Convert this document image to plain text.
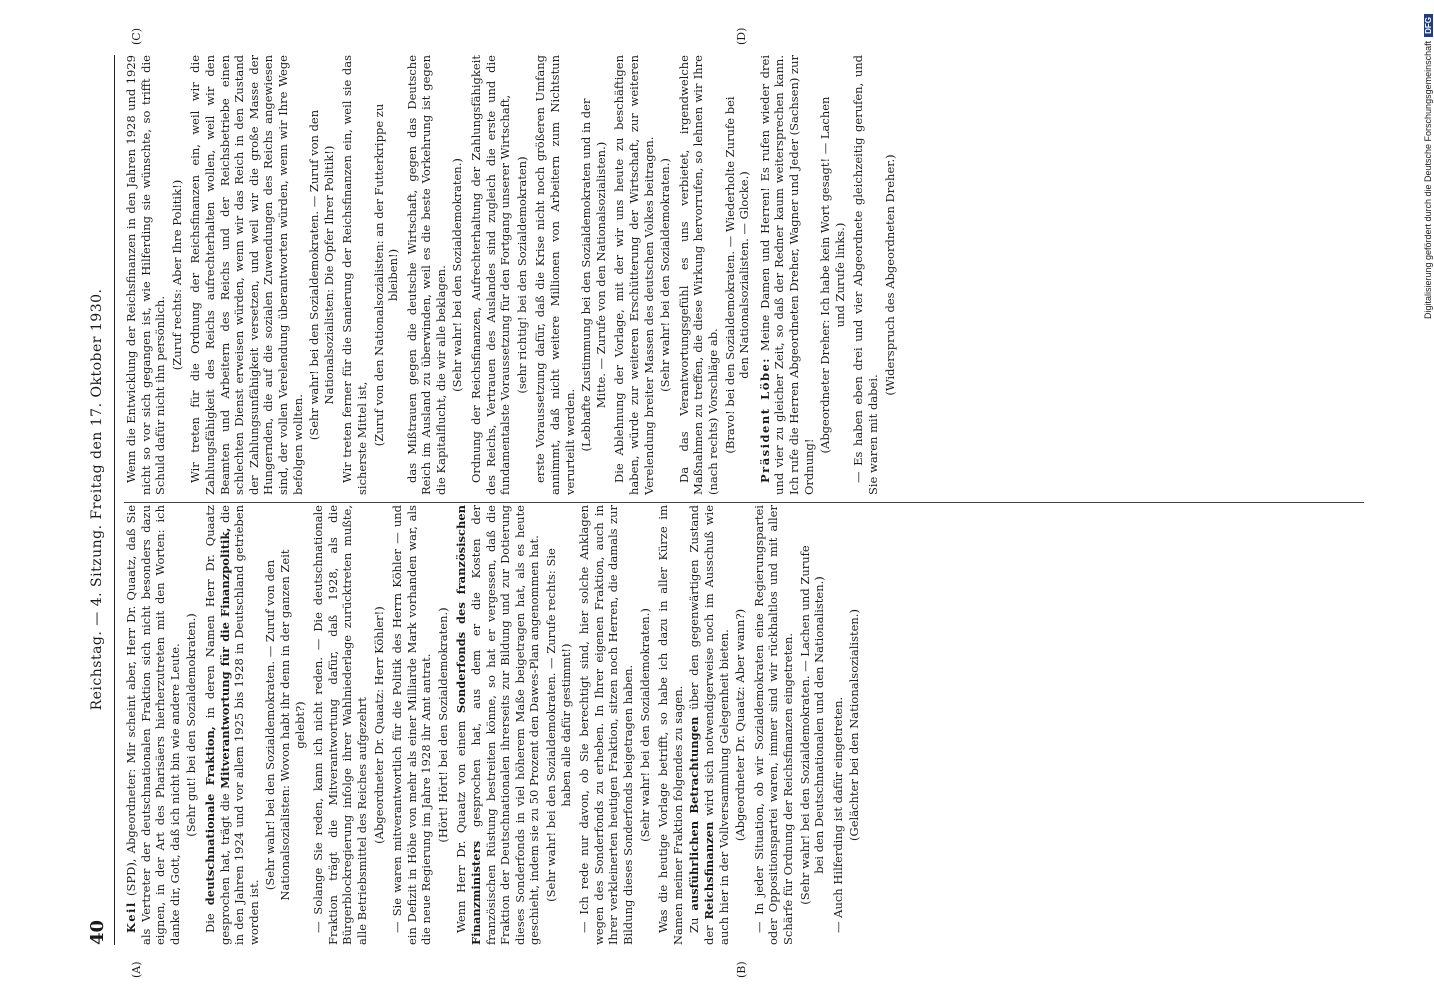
Digitalisierung gefördert durch die Deutsche Forschungsgemeinschaft
DFG
40
Reichstag. — 4. Sitzung. Freitag den 17. Oktober 1930.
(A)	(B)
(C)	(D)

Keil (SPD), Abgeordneter: Mir scheint aber, Herr Dr. Quaatz, daß Sie als Vertreter der deutschnationalen Fraktion sich nicht besonders dazu eignen, in der Art des Pharisäers hierherzutreten mit den Worten: ich danke dir, Gott, daß ich nicht bin wie andere Leute. (Sehr gut! bei den Sozialdemokraten.)

Die deutschnationale Fraktion, in deren Namen Herr Dr. Quaatz gesprochen hat, trägt die Mitverantwortung für die Finanzpolitik, die in den Jahren 1924 und vor allem 1925 bis 1928 in Deutschland getrieben worden ist.

(Sehr wahr! bei den Sozialdemokraten. — Zuruf von den Nationalsozialisten: Wovon habt ihr denn in der ganzen Zeit gelebt?) — Solange Sie reden, kann ich nicht reden. — Die deutschnationale Fraktion trägt die Mitverantwortung dafür, daß 1928, als die Bürgerblockregierung infolge ihrer Wahlniederlage zurücktreten mußte, alle Betriebsmittel des Reiches aufgezehrt (Abgeordneter Dr. Quaatz: Herr Köhler!) — Sie waren mitverantwortlich für die Politik des Herrn Köhler — und ein Defizit in Höhe von mehr als einer Milliarde Mark vorhanden war, als die neue Regierung im Jahre 1928 ihr Amt antrat. (Hört! Hört! bei den Sozialdemokraten.) Wenn Herr Dr. Quaatz von einem Sonderfonds des französischen Finanzministers gesprochen hat, aus dem er die Kosten der französischen Rüstung bestreiten könne, so hat er vergessen, daß die Fraktion der Deutschnationalen ihrerseits zur Bildung und zur Dotierung dieses Sonderfonds in viel höherem Maße beigetragen hat, als es heute geschieht, indem sie zu 50 Prozent den Dawes-Plan angenommen hat. (Sehr wahr! bei den Sozialdemokraten. — Zurufe rechts: Sie haben alle dafür gestimmt!) — Ich rede nur davon, ob Sie berechtigt sind, hier solche Anklagen wegen des Sonderfonds zu erheben. In Ihrer eigenen Fraktion, auch in Ihrer verkleinerten heutigen Fraktion, sitzen noch Herren, die damals zur Bildung dieses Sonderfonds beigetragen haben. (Sehr wahr! bei den Sozialdemokraten.) Was die heutige Vorlage betrifft, so habe ich dazu in aller Kürze im Namen meiner Fraktion folgendes zu sagen. Zu ausführlichen Betrachtungen über den gegenwärtigen Zustand der Reichsfinanzen wird sich notwendigerweise noch im Ausschuß wie auch hier in der Vollversammlung Gelegenheit bieten. (Abgeordneter Dr. Quaatz: Aber wann?) — In jeder Situation, ob wir Sozialdemokraten eine Regierungspartei oder Oppositionspartei waren, immer sind wir rückhaltlos und mit aller Schärfe für Ordnung der Reichsfinanzen eingetreten. (Sehr wahr! bei den Sozialdemokraten. — Lachen und Zurufe bei den Deutschnationalen und den Nationalisten.) — Auch Hilferding ist dafür eingetreten. (Gelächter bei den Nationalsozialisten.)

Wenn die Entwicklung der Reichsfinanzen in den Jahren 1928 und 1929 nicht so vor sich gegangen ist, wie Hilferding sie wünschte, so trifft die Schuld dafür nicht ihn persönlich.

(Zuruf rechts: Aber Ihre Politik!) Wir treten für die Ordnung der Reichsfinanzen ein, weil wir die Zahlungsfähigkeit des Reichs aufrechterhalten wollen, weil wir den Beamten und Arbeitern des Reichs und der Reichsbetriebe einen schlechten Dienst erweisen würden, wenn wir das Reich in den Zustand der Zahlungsunfähigkeit versetzen, und weil wir die große Masse der Hungernden, die auf die sozialen Zuwendungen des Reichs angewiesen sind, der vollen Verelendung überantworten würden, wenn wir Ihre Wege befolgen wollten.

(Sehr wahr! bei den Sozialdemokraten. — Zuruf von den Nationalsozialisten: Die Opfer Ihrer Politik!) Wir treten ferner für die Sanierung der Reichsfinanzen ein, weil sie das sicherste Mittel ist, (Zuruf von den Nationalsozialisten: an der Futterkrippe zu bleiben!) das Mißtrauen gegen die deutsche Wirtschaft, gegen das Deutsche Reich im Ausland zu überwinden, weil es die beste Vorkehrung ist gegen die Kapitalflucht, die wir alle beklagen. (Sehr wahr! bei den Sozialdemokraten.) Ordnung der Reichsfinanzen, Aufrechterhaltung der Zahlungsfähigkeit des Reichs, Vertrauen des Auslandes sind zugleich die erste und die fundamentalste Voraussetzung für den Fortgang unserer Wirtschaft, (sehr richtig! bei den Sozialdemokraten) erste Voraussetzung dafür, daß die Krise nicht noch größeren Umfang annimmt, daß nicht weitere Millionen von Arbeitern zum Nichtstun verurteilt werden. (Lebhafte Zustimmung bei den Sozialdemokraten und in der Mitte. — Zurufe von den Nationalsozialisten.) Die Ablehnung der Vorlage, mit der wir uns heute zu beschäftigen haben, würde zur weiteren Erschütterung der Wirtschaft, zur weiteren Verelendung breiter Massen des deutschen Volkes beitragen. (Sehr wahr! bei den Sozialdemokraten.) Da das Verantwortungsgefühl es uns verbietet, irgendwelche Maßnahmen zu treffen, die diese Wirkung hervorrufen, so lehnen wir Ihre (nach rechts) Vorschläge ab. (Bravo! bei den Sozialdemokraten. — Wiederholte Zurufe bei den Nationalsozialisten. — Glocke.)

Präsident Löbe: Meine Damen und Herren! Es rufen wieder drei und vier zu gleicher Zeit, so daß der Redner kaum weitersprechen kann. Ich rufe die Herren Abgeordneten Dreher, Wagner und Jeder (Sachsen) zur Ordnung!

(Abgeordneter Dreher: Ich habe kein Wort gesagt! — Lachen und Zurufe links.) — Es haben eben drei und vier Abgeordnete gleichzeitig gerufen, und Sie waren mit dabei.

(Widerspruch des Abgeordneten Dreher.)
